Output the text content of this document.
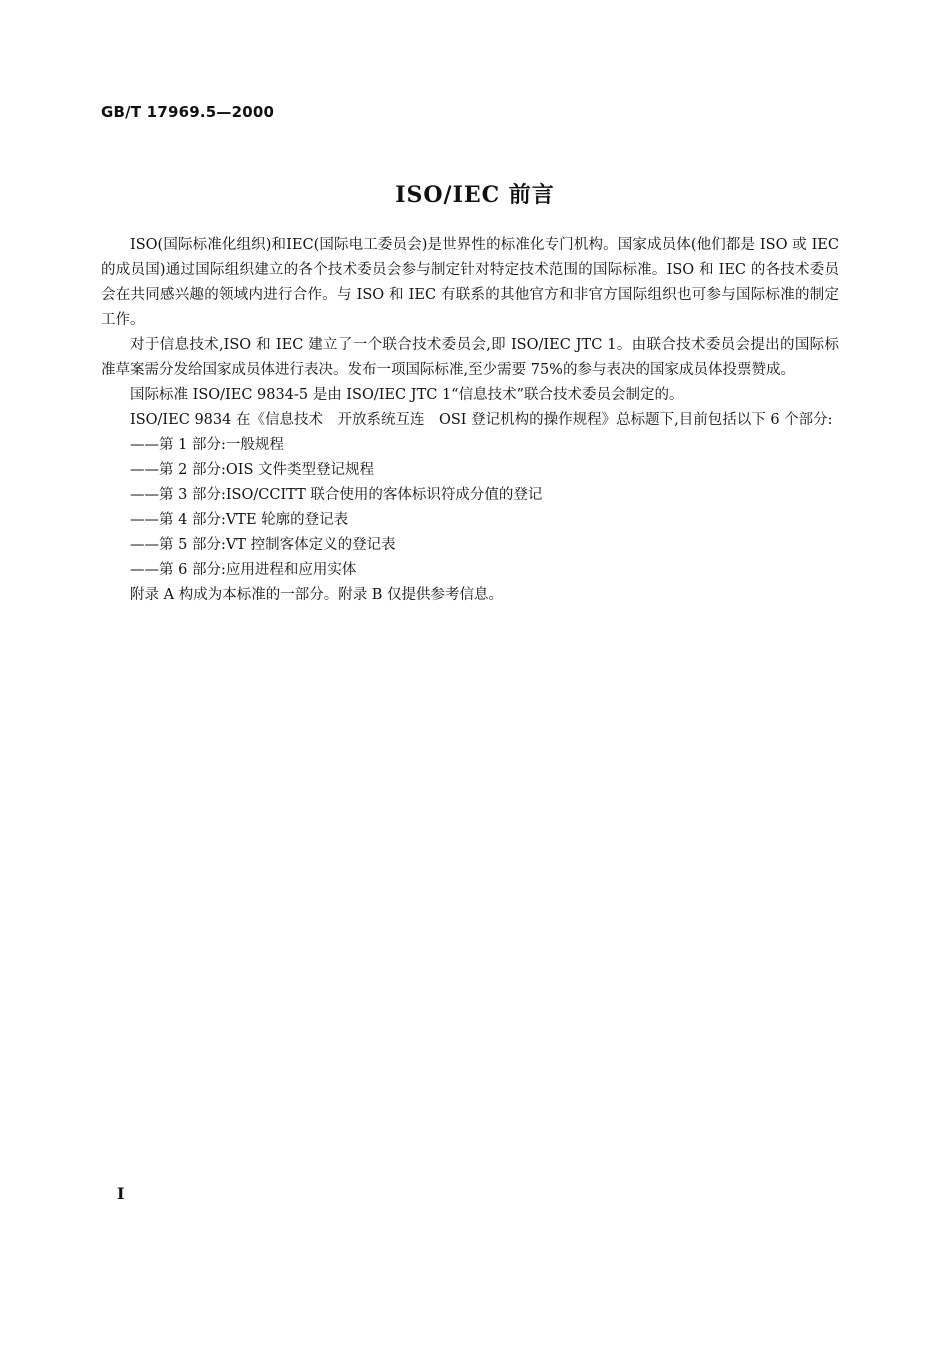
GB/T 17969.5—2000
ISO/IEC 前言

ISO(国际标准化组织)和IEC(国际电工委员会)是世界性的标准化专门机构。国家成员体(他们都是 ISO 或 IEC 的成员国)通过国际组织建立的各个技术委员会参与制定针对特定技术范围的国际标准。ISO 和 IEC 的各技术委员会在共同感兴趣的领域内进行合作。与 ISO 和 IEC 有联系的其他官方和非官方国际组织也可参与国际标准的制定工作。

对于信息技术,ISO 和 IEC 建立了一个联合技术委员会,即 ISO/IEC JTC 1。由联合技术委员会提出的国际标准草案需分发给国家成员体进行表决。发布一项国际标准,至少需要 75%的参与表决的国家成员体投票赞成。

国际标准 ISO/IEC 9834-5 是由 ISO/IEC JTC 1“信息技术”联合技术委员会制定的。

ISO/IEC 9834 在《信息技术　开放系统互连　OSI 登记机构的操作规程》总标题下,目前包括以下 6 个部分:

——第 1 部分:一般规程
——第 2 部分:OIS 文件类型登记规程
——第 3 部分:ISO/CCITT 联合使用的客体标识符成分值的登记
——第 4 部分:VTE 轮廓的登记表
——第 5 部分:VT 控制客体定义的登记表
——第 6 部分:应用进程和应用实体

附录 A 构成为本标准的一部分。附录 B 仅提供参考信息。

I
